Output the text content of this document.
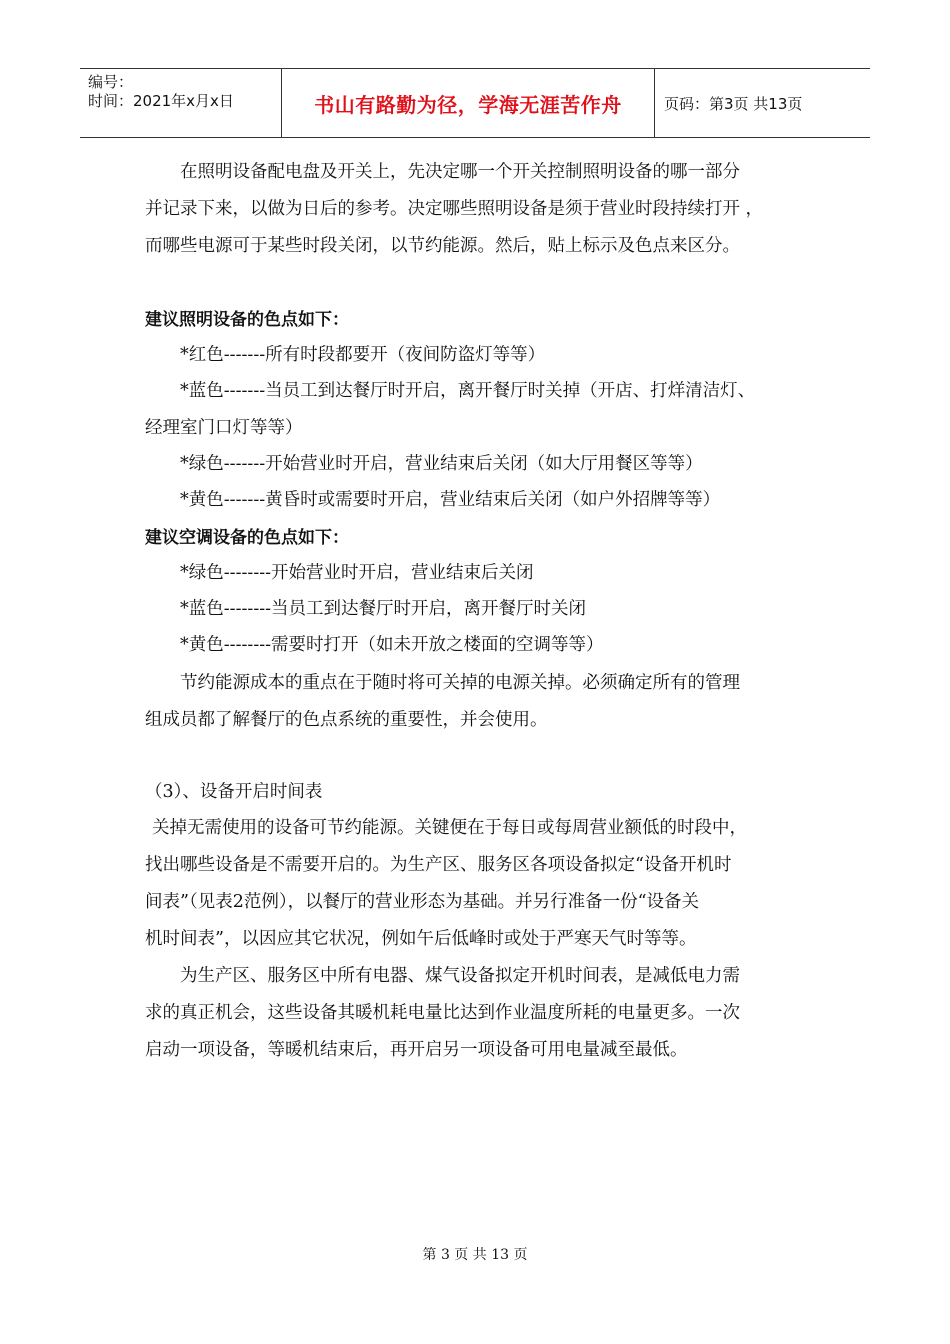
编号：
时间：2021年x月x日	书山有路勤为径，学海无涯苦作舟	页码：第3页 共13页
在照明设备配电盘及开关上，先决定哪一个开关控制照明设备的哪一部分
并记录下来，以做为日后的参考。决定哪些照明设备是须于营业时段持续打开 ，
而哪些电源可于某些时段关闭，以节约能源。然后，贴上标示及色点来区分。
建议照明设备的色点如下：
*红色-------所有时段都要开（夜间防盗灯等等）
*蓝色-------当员工到达餐厅时开启，离开餐厅时关掉（开店、打烊清洁灯、
经理室门口灯等等）
*绿色-------开始营业时开启，营业结束后关闭（如大厅用餐区等等）
*黄色-------黄昏时或需要时开启，营业结束后关闭（如户外招牌等等）
建议空调设备的色点如下：
*绿色--------开始营业时开启，营业结束后关闭
*蓝色--------当员工到达餐厅时开启，离开餐厅时关闭
*黄色--------需要时打开（如未开放之楼面的空调等等）
节约能源成本的重点在于随时将可关掉的电源关掉。必须确定所有的管理
组成员都了解餐厅的色点系统的重要性，并会使用。
（3）、设备开启时间表
关掉无需使用的设备可节约能源。关键便在于每日或每周营业额低的时段中，
找出哪些设备是不需要开启的。为生产区、服务区各项设备拟定“设备开机时
间表”（见表2范例），以餐厅的营业形态为基础。并另行准备一份“设备关
机时间表”，以因应其它状况，例如午后低峰时或处于严寒天气时等等。
为生产区、服务区中所有电器、煤气设备拟定开机时间表，是减低电力需
求的真正机会，这些设备其暖机耗电量比达到作业温度所耗的电量更多。一次
启动一项设备，等暖机结束后，再开启另一项设备可用电量减至最低。
第 3 页 共 13 页
